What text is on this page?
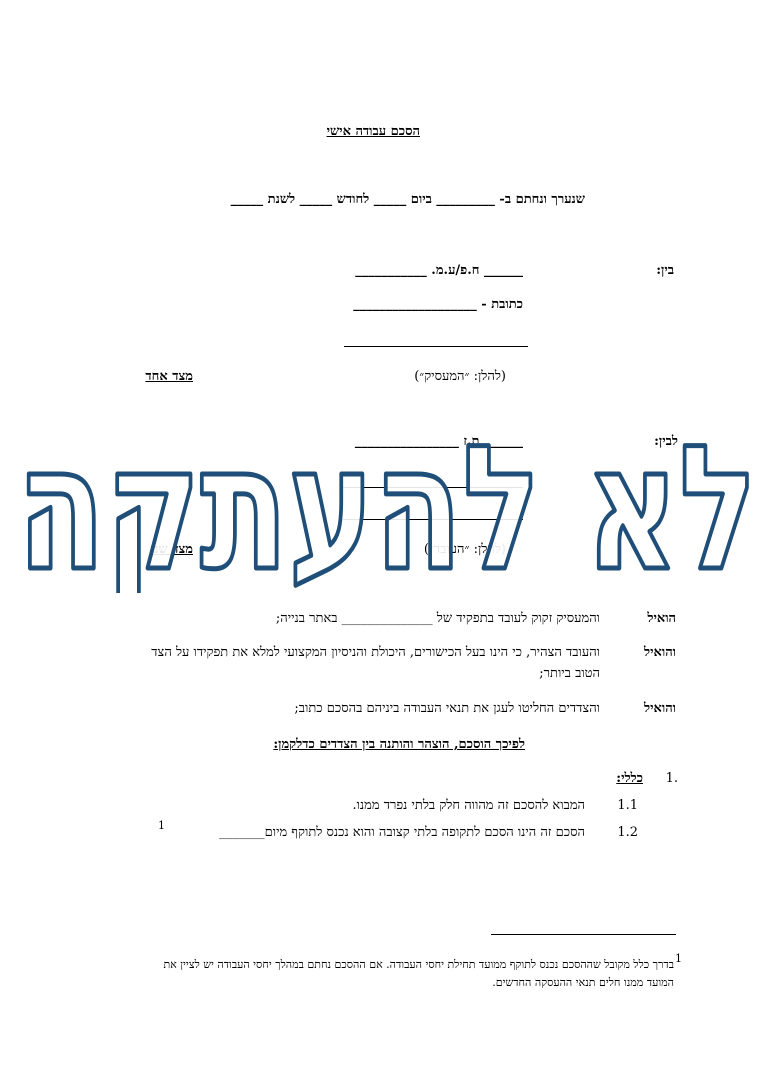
הסכם עבודה אישי
שנערך ונחתם ב- _________ ביום _____ לחודש _____ לשנת _____
בין:
______ ח.פ/ע.מ. ___________
כתובת - ___________________
(להלן: ״המעסיק״)
מצד אחד
לבין:
______ ת.ז ________________
(להלן: ״העובד״)
מצד שני
הואיל
והמעסיק זקוק לעובד בתפקיד של ______________ באתר בנייה;
והואיל
והעובד הצהיר, כי הינו בעל הכישורים, היכולת והניסיון המקצועי למלא את תפקידו על הצד
הטוב ביותר;
והואיל
והצדדים החליטו לעגן את תנאי העבודה ביניהם בהסכם כתוב;
לפיכך הוסכם, הוצהר והותנה בין הצדדים כדלקמן:
.1
כללי:
1.1
המבוא להסכם זה מהווה חלק בלתי נפרד ממנו.
1.2
הסכם זה הינו הסכם לתקופה בלתי קצובה והוא נכנס לתוקף מיום_______
1
1
בדרך כלל מקובל שההסכם נכנס לתוקף ממועד תחילת יחסי העבודה. אם ההסכם נחתם במהלך יחסי העבודה יש לציין את
המועד ממנו חלים תנאי ההעסקה החדשים.
לא להעתקה
